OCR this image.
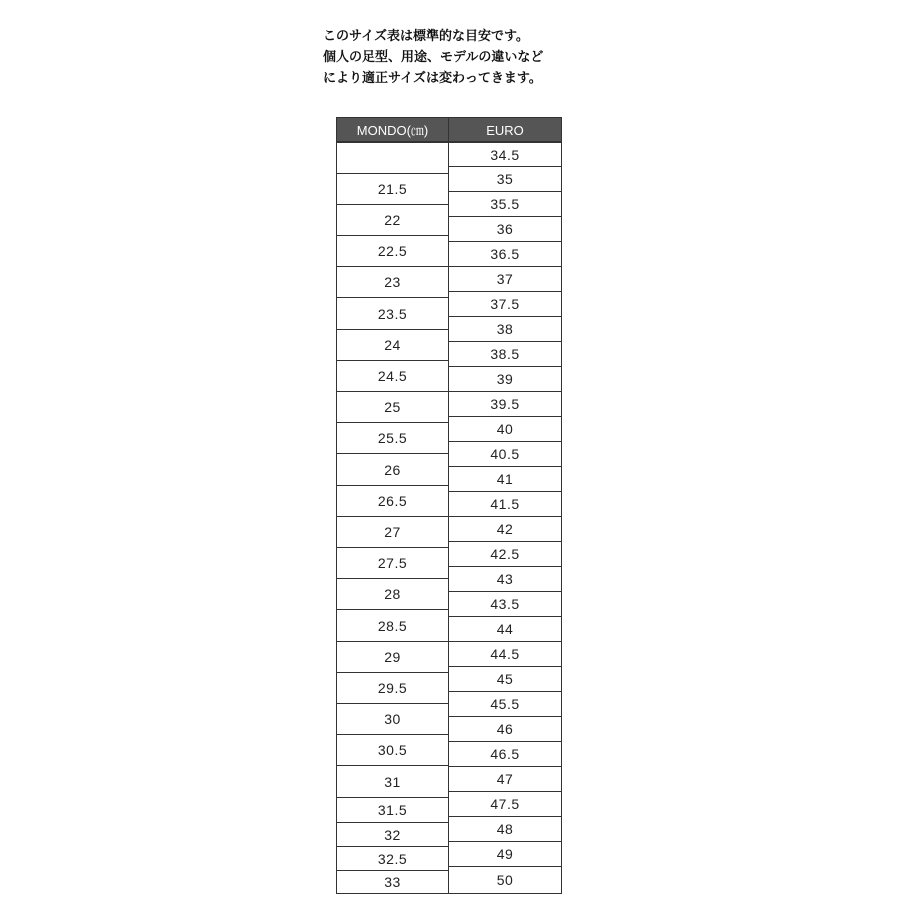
このサイズ表は標準的な目安です。
個人の足型、用途、モデルの違いなど
により適正サイズは変わってきます。
MONDO(㎝)
21.5
22
22.5
23
23.5
24
24.5
25
25.5
26
26.5
27
27.5
28
28.5
29
29.5
30
30.5
31
31.5
32
32.5
33
EURO
34.5
35
35.5
36
36.5
37
37.5
38
38.5
39
39.5
40
40.5
41
41.5
42
42.5
43
43.5
44
44.5
45
45.5
46
46.5
47
47.5
48
49
50
